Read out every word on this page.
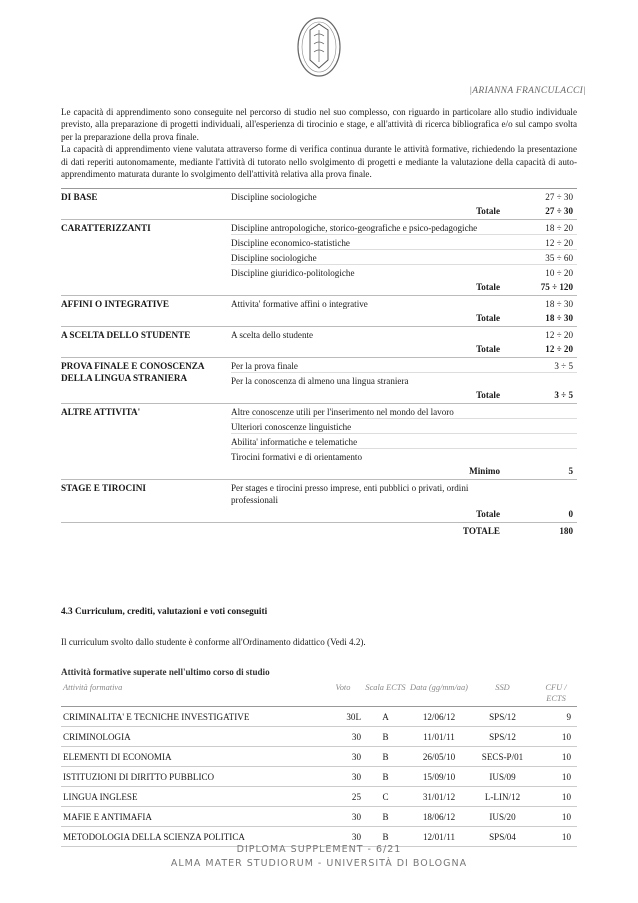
|ARIANNA FRANCULACCI|

Le capacità di apprendimento sono conseguite nel percorso di studio nel suo complesso, con riguardo in particolare allo studio individuale previsto, alla preparazione di progetti individuali, all'esperienza di tirocinio e stage, e all'attività di ricerca bibliografica e/o sul campo svolta per la preparazione della prova finale.

La capacità di apprendimento viene valutata attraverso forme di verifica continua durante le attività formative, richiedendo la presentazione di dati reperiti autonomamente, mediante l'attività di tutorato nello svolgimento di progetti e mediante la valutazione della capacità di auto-apprendimento maturata durante lo svolgimento dell'attività relativa alla prova finale.

DI BASE	Discipline sociologiche	27 ÷ 30
Totale	27 ÷ 30
CARATTERIZZANTI	Discipline antropologiche, storico-geografiche e psico-pedagogiche	18 ÷ 20
Discipline economico-statistiche	12 ÷ 20
Discipline sociologiche	35 ÷ 60
Discipline giuridico-politologiche	10 ÷ 20
Totale	75 ÷ 120
AFFINI O INTEGRATIVE	Attivita' formative affini o integrative	18 ÷ 30
Totale	18 ÷ 30
A SCELTA DELLO STUDENTE	A scelta dello studente	12 ÷ 20
Totale	12 ÷ 20
PROVA FINALE E CONOSCENZA DELLA LINGUA STRANIERA
Per la prova finale	3 ÷ 5
Per la conoscenza di almeno una lingua straniera
Totale	3 ÷ 5
ALTRE ATTIVITA'	Altre conoscenze utili per l'inserimento nel mondo del lavoro
Ulteriori conoscenze linguistiche
Abilita' informatiche e telematiche
Tirocini formativi e di orientamento
Minimo	5
STAGE E TIROCINI	Per stages e tirocini presso imprese, enti pubblici o privati, ordini professionali
Totale	0
TOTALE	180
4.3 Curriculum, crediti, valutazioni e voti conseguiti
Il curriculum svolto dallo studente è conforme all'Ordinamento didattico (Vedi 4.2).
Attività formative superate nell'ultimo corso di studio
Attività formativa	Voto	Scala ECTS	Data (gg/mm/aa)	SSD	CFU / ECTS
CRIMINALITA' E TECNICHE INVESTIGATIVE	30L	A	12/06/12	SPS/12	9
CRIMINOLOGIA	30	B	11/01/11	SPS/12	10
ELEMENTI DI ECONOMIA	30	B	26/05/10	SECS-P/01	10
ISTITUZIONI DI DIRITTO PUBBLICO	30	B	15/09/10	IUS/09	10
LINGUA INGLESE	25	C	31/01/12	L-LIN/12	10
MAFIE E ANTIMAFIA	30	B	18/06/12	IUS/20	10
METODOLOGIA DELLA SCIENZA POLITICA	30	B	12/01/11	SPS/04	10
DIPLOMA SUPPLEMENT - 6/21
ALMA MATER STUDIORUM - UNIVERSITÀ DI BOLOGNA
